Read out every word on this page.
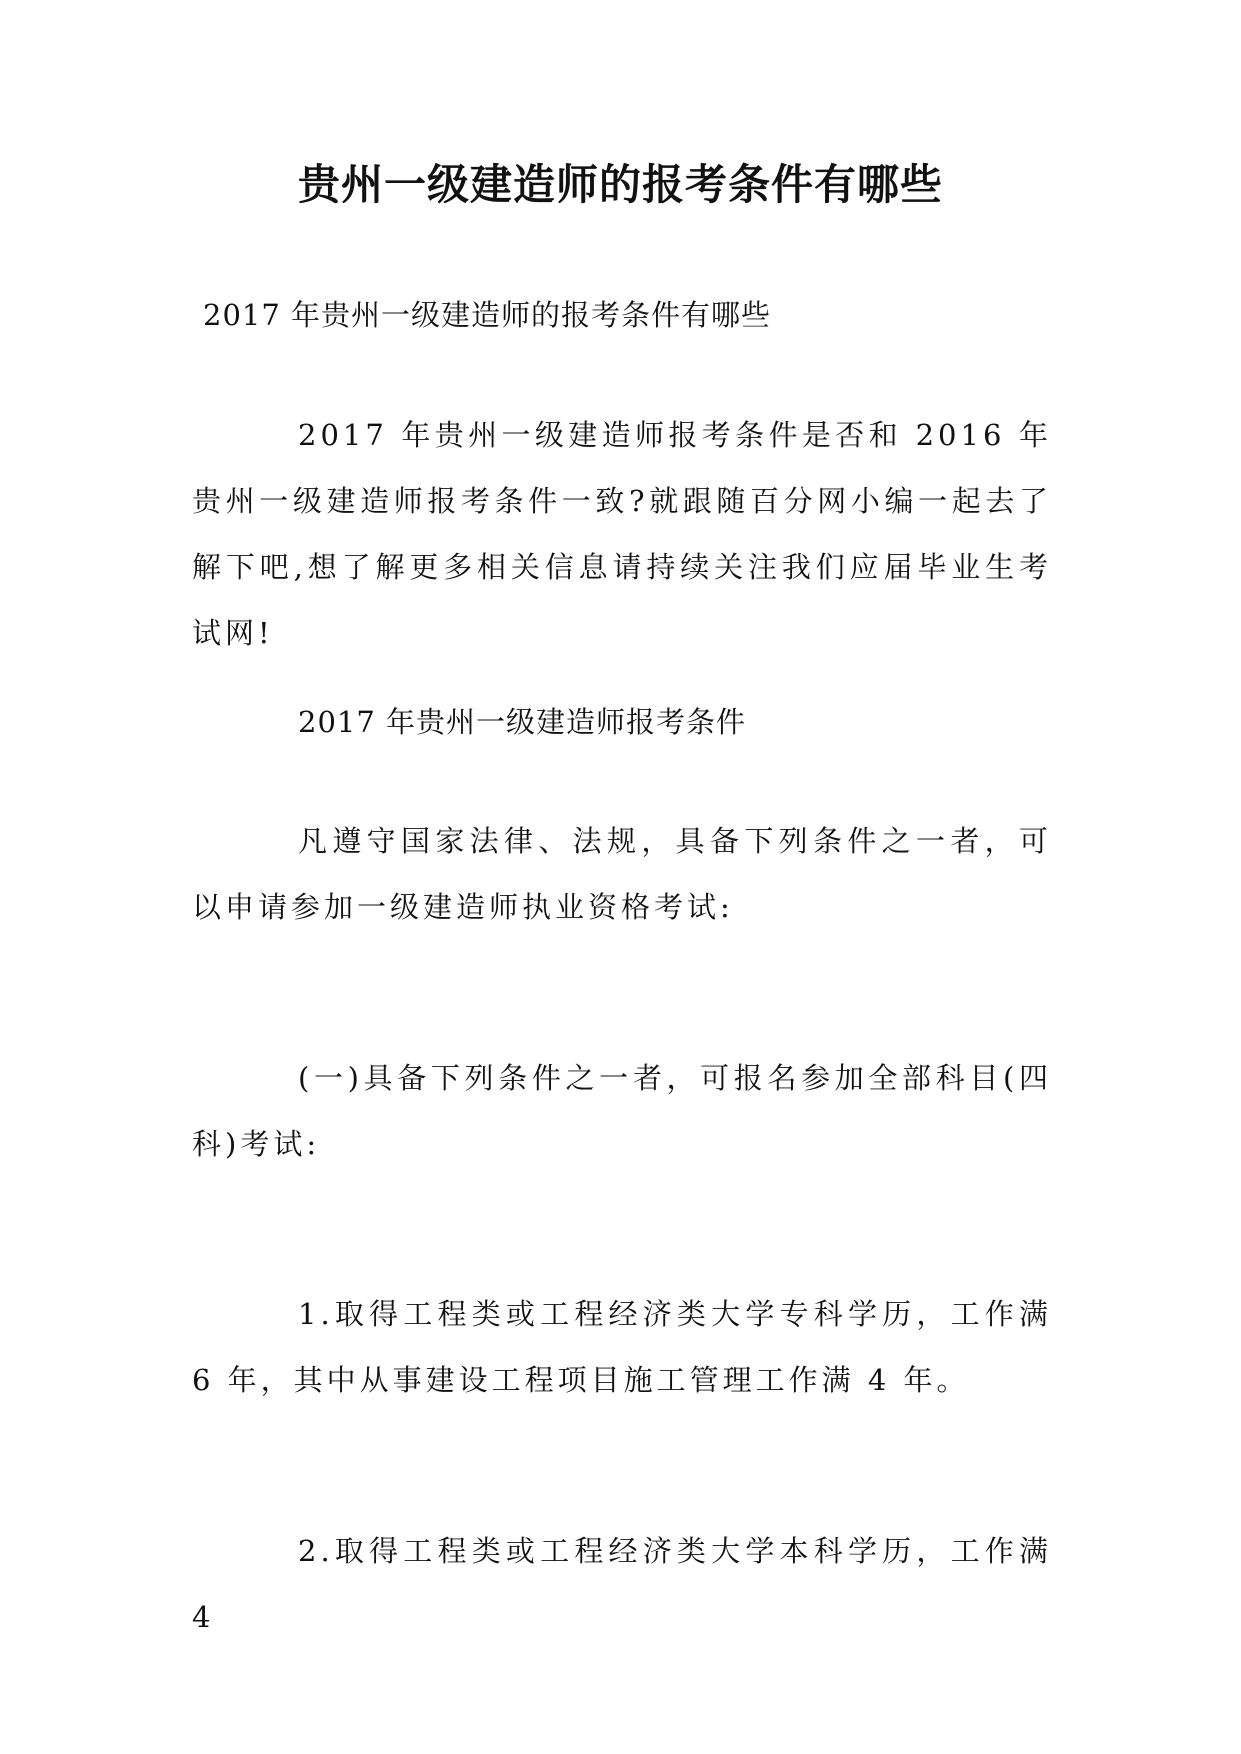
贵州一级建造师的报考条件有哪些
2017 年贵州一级建造师的报考条件有哪些

2017 年贵州一级建造师报考条件是否和 2016 年贵州一级建造师报考条件一致?就跟随百分网小编一起去了解下吧,想了解更多相关信息请持续关注我们应届毕业生考试网!

2017 年贵州一级建造师报考条件

凡遵守国家法律、法规，具备下列条件之一者，可以申请参加一级建造师执业资格考试:

(一)具备下列条件之一者，可报名参加全部科目(四科)考试:

1.取得工程类或工程经济类大学专科学历，工作满 6 年，其中从事建设工程项目施工管理工作满 4 年。

2.取得工程类或工程经济类大学本科学历，工作满 4
